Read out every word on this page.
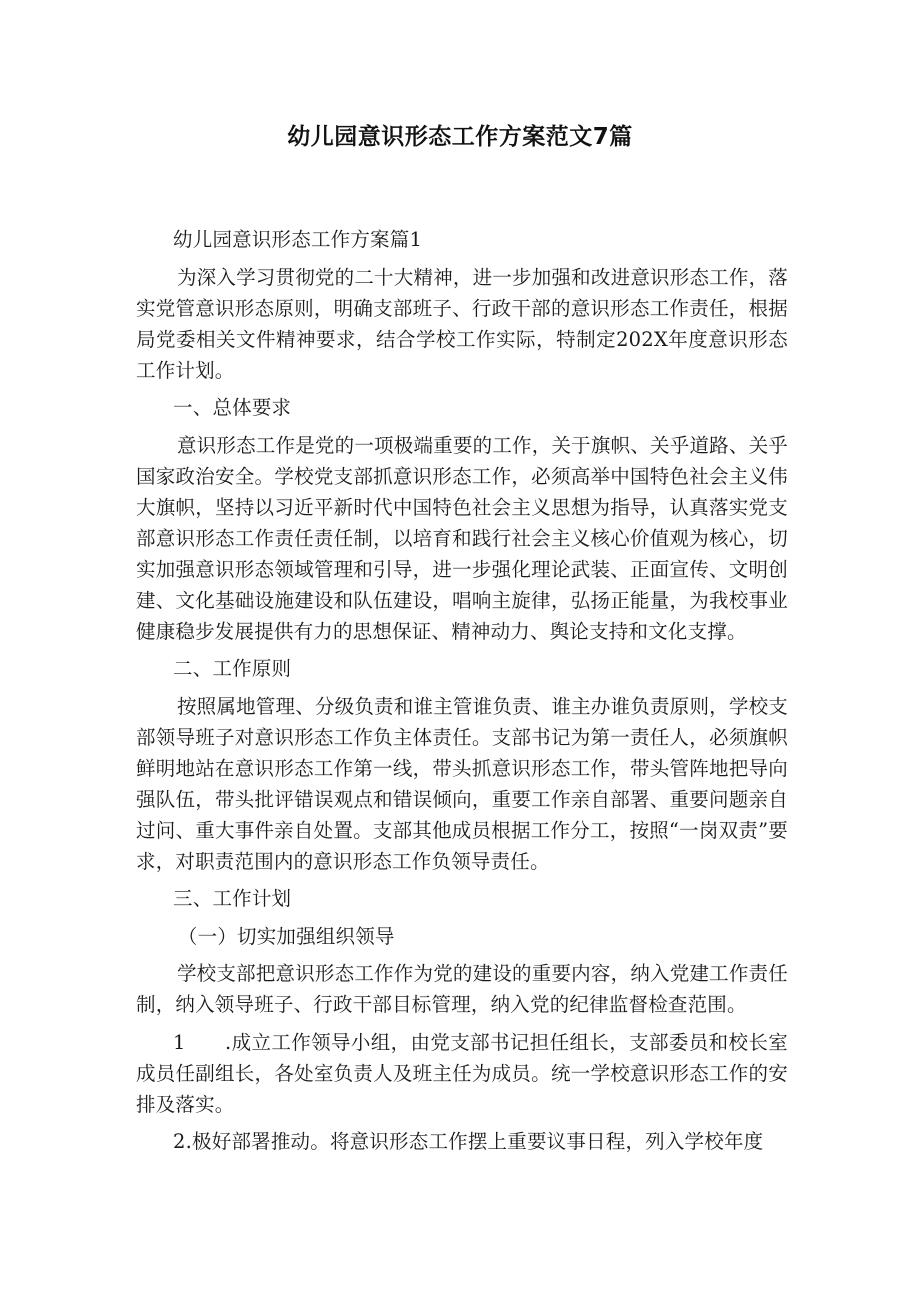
幼儿园意识形态工作方案范文7篇

幼儿园意识形态工作方案篇1

为深入学习贯彻党的二十大精神，进一步加强和改进意识形态工作，落实党管意识形态原则，明确支部班子、行政干部的意识形态工作责任，根据局党委相关文件精神要求，结合学校工作实际，特制定202X年度意识形态工作计划。

一、总体要求

意识形态工作是党的一项极端重要的工作，关于旗帜、关乎道路、关乎国家政治安全。学校党支部抓意识形态工作，必须高举中国特色社会主义伟大旗帜，坚持以习近平新时代中国特色社会主义思想为指导，认真落实党支部意识形态工作责任责任制，以培育和践行社会主义核心价值观为核心，切实加强意识形态领域管理和引导，进一步强化理论武装、正面宣传、文明创建、文化基础设施建设和队伍建设，唱响主旋律，弘扬正能量，为我校事业健康稳步发展提供有力的思想保证、精神动力、舆论支持和文化支撑。

二、工作原则

按照属地管理、分级负责和谁主管谁负责、谁主办谁负责原则，学校支部领导班子对意识形态工作负主体责任。支部书记为第一责任人，必须旗帜鲜明地站在意识形态工作第一线，带头抓意识形态工作，带头管阵地把导向强队伍，带头批评错误观点和错误倾向，重要工作亲自部署、重要问题亲自过问、重大事件亲自处置。支部其他成员根据工作分工，按照“一岗双责”要求，对职责范围内的意识形态工作负领导责任。

三、工作计划

（一）切实加强组织领导

学校支部把意识形态工作作为党的建设的重要内容，纳入党建工作责任制，纳入领导班子、行政干部目标管理，纳入党的纪律监督检查范围。

1  .成立工作领导小组，由党支部书记担任组长，支部委员和校长室成员任副组长，各处室负责人及班主任为成员。统一学校意识形态工作的安排及落实。

2.极好部署推动。将意识形态工作摆上重要议事日程，列入学校年度
